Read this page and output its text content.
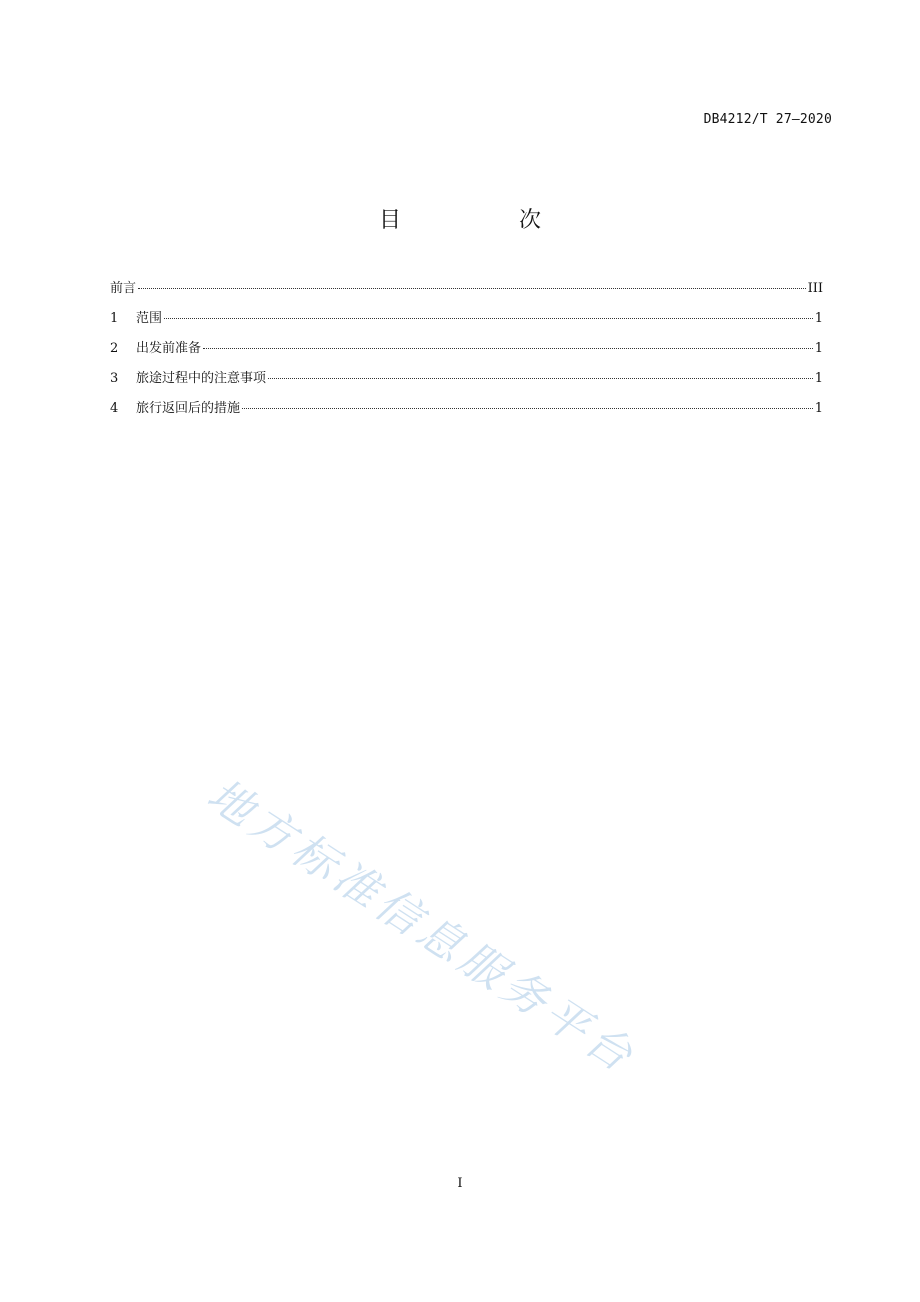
DB4212/T 27—2020
目　次
前言	III
1	范围	1
2	出发前准备	1
3	旅途过程中的注意事项	1
4	旅行返回后的措施	1
地方标准信息服务平台
I
